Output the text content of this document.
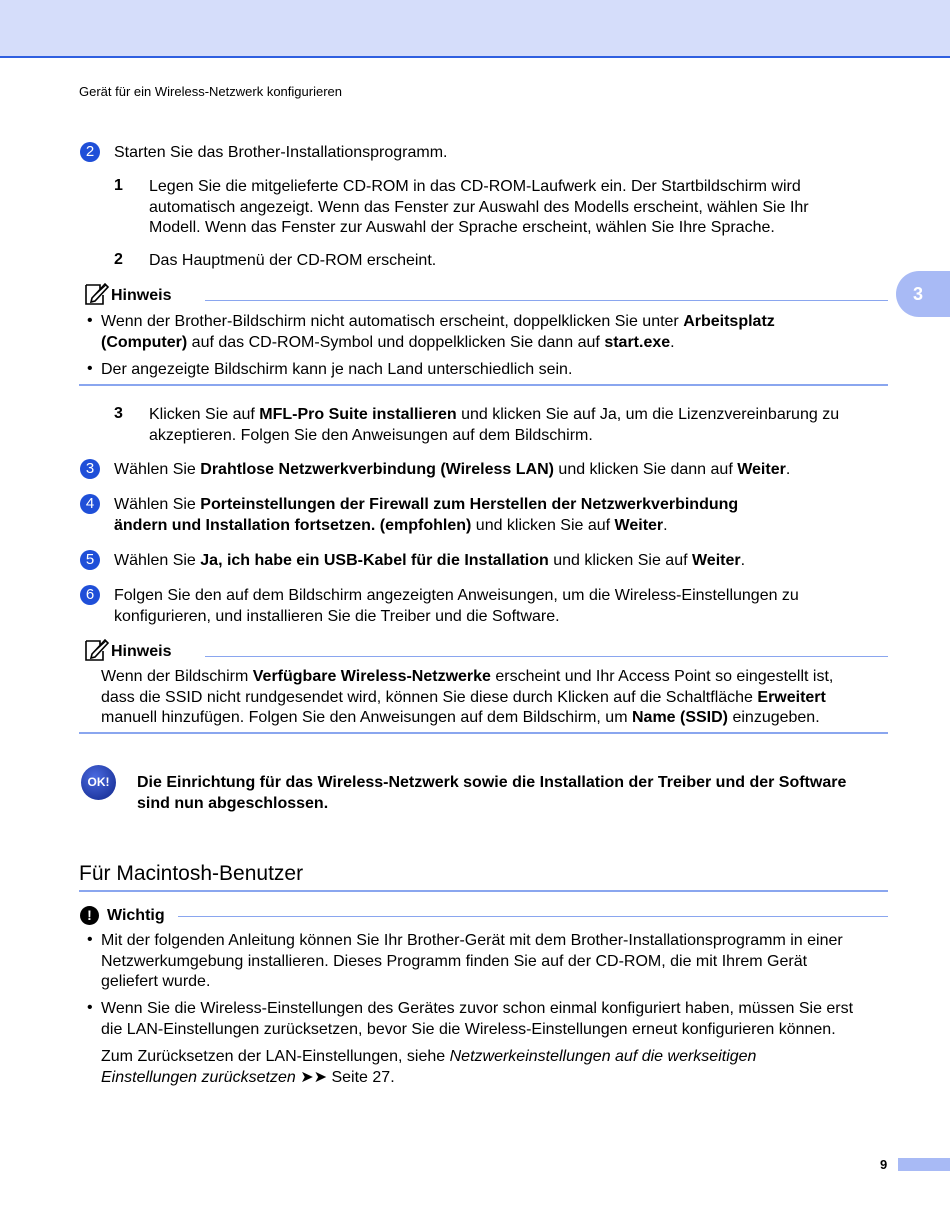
Gerät für ein Wireless-Netzwerk konfigurieren
3
2	Starten Sie das Brother-Installationsprogramm.
1 Legen Sie die mitgelieferte CD-ROM in das CD-ROM-Laufwerk ein. Der Startbildschirm wird
automatisch angezeigt. Wenn das Fenster zur Auswahl des Modells erscheint, wählen Sie Ihr
Modell. Wenn das Fenster zur Auswahl der Sprache erscheint, wählen Sie Ihre Sprache.
2 Das Hauptmenü der CD-ROM erscheint.
Hinweis
• Wenn der Brother-Bildschirm nicht automatisch erscheint, doppelklicken Sie unter Arbeitsplatz
(Computer) auf das CD-ROM-Symbol und doppelklicken Sie dann auf start.exe.
• Der angezeigte Bildschirm kann je nach Land unterschiedlich sein.
3 Klicken Sie auf MFL-Pro Suite installieren und klicken Sie auf Ja, um die Lizenzvereinbarung zu
akzeptieren. Folgen Sie den Anweisungen auf dem Bildschirm.
3	Wählen Sie Drahtlose Netzwerkverbindung (Wireless LAN) und klicken Sie dann auf Weiter.
4	Wählen Sie Porteinstellungen der Firewall zum Herstellen der Netzwerkverbindung
ändern und Installation fortsetzen. (empfohlen) und klicken Sie auf Weiter.
5	Wählen Sie Ja, ich habe ein USB-Kabel für die Installation und klicken Sie auf Weiter.
6	Folgen Sie den auf dem Bildschirm angezeigten Anweisungen, um die Wireless-Einstellungen zu
konfigurieren, und installieren Sie die Treiber und die Software.
Hinweis
Wenn der Bildschirm Verfügbare Wireless-Netzwerke erscheint und Ihr Access Point so eingestellt ist,
dass die SSID nicht rundgesendet wird, können Sie diese durch Klicken auf die Schaltfläche Erweitert
manuell hinzufügen. Folgen Sie den Anweisungen auf dem Bildschirm, um Name (SSID) einzugeben.
OK!	Die Einrichtung für das Wireless-Netzwerk sowie die Installation der Treiber und der Software
sind nun abgeschlossen.
Für Macintosh-Benutzer
! Wichtig
• Mit der folgenden Anleitung können Sie Ihr Brother-Gerät mit dem Brother-Installationsprogramm in einer
Netzwerkumgebung installieren. Dieses Programm finden Sie auf der CD-ROM, die mit Ihrem Gerät
geliefert wurde.
• Wenn Sie die Wireless-Einstellungen des Gerätes zuvor schon einmal konfiguriert haben, müssen Sie erst
die LAN-Einstellungen zurücksetzen, bevor Sie die Wireless-Einstellungen erneut konfigurieren können.
Zum Zurücksetzen der LAN-Einstellungen, siehe Netzwerkeinstellungen auf die werkseitigen
Einstellungen zurücksetzen ➤➤ Seite 27.
9
